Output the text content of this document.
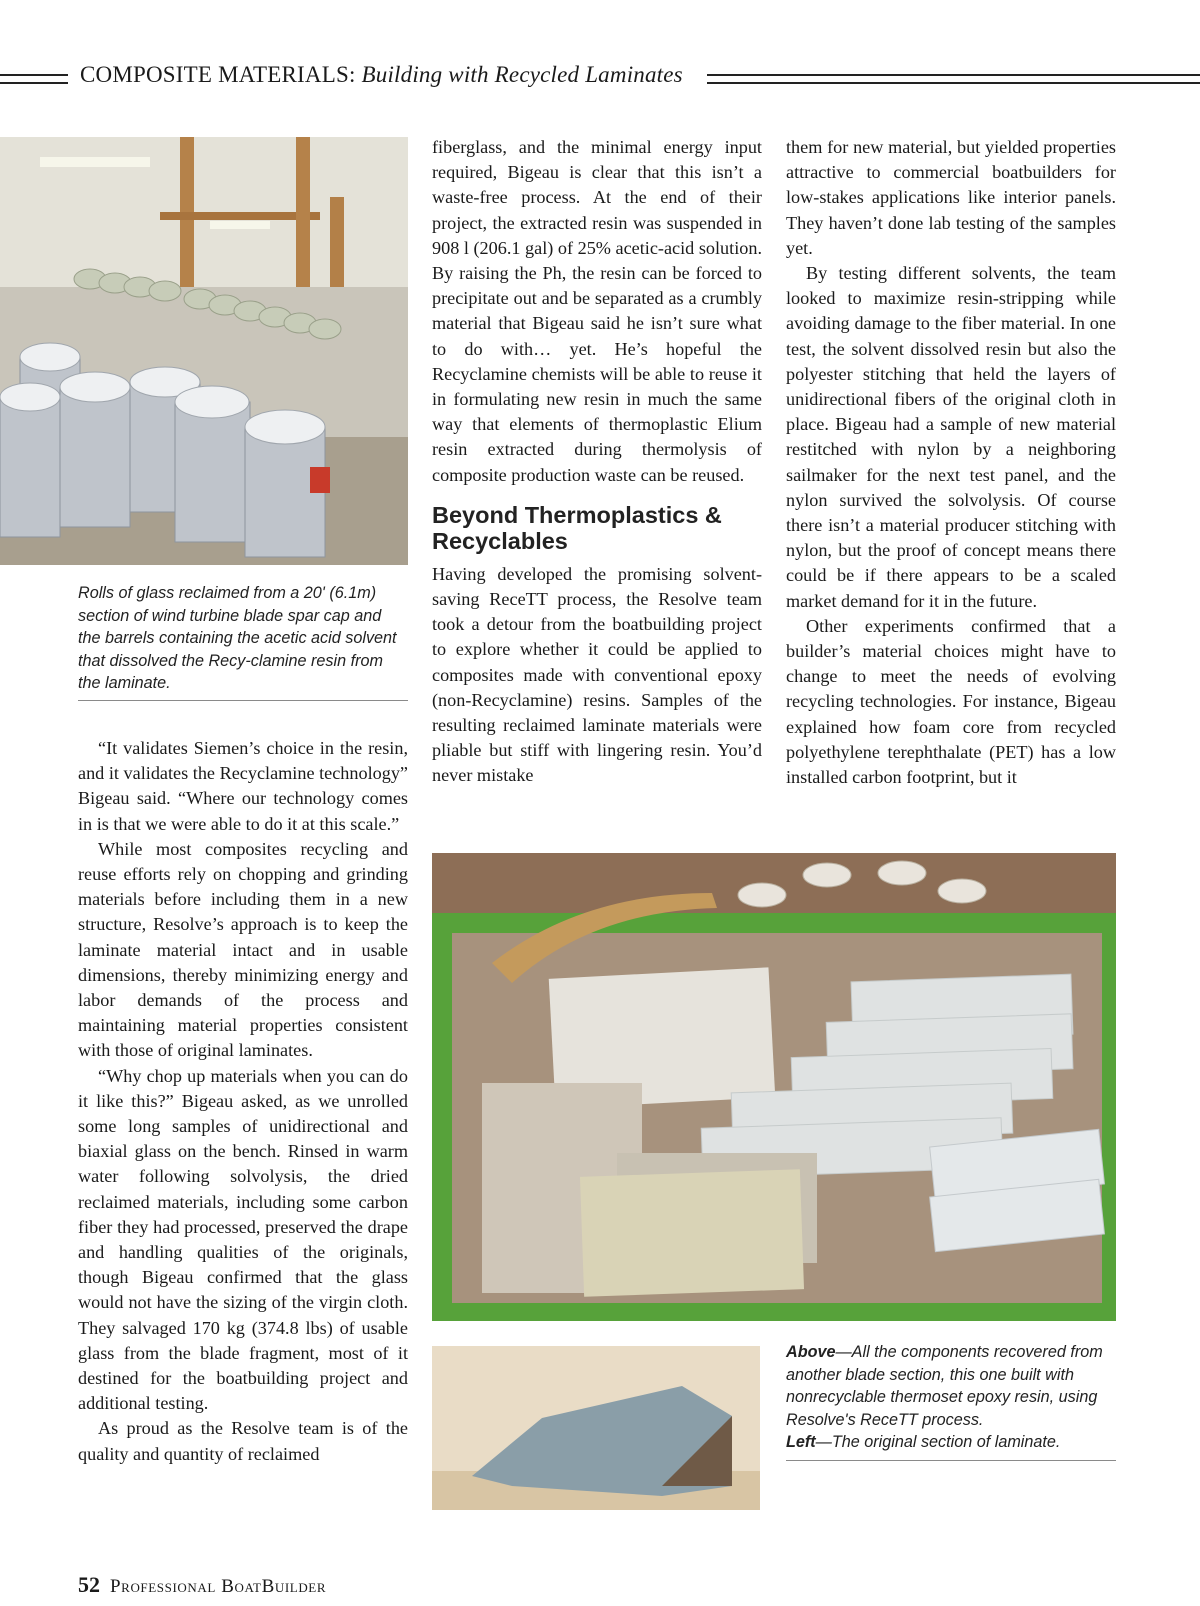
COMPOSITE MATERIALS: Building with Recycled Laminates
Rolls of glass reclaimed from a 20' (6.1m) section of wind turbine blade spar cap and the barrels containing the acetic acid solvent that dissolved the Recy-clamine resin from the laminate.

“It validates Siemen’s choice in the resin, and it validates the Recyclamine technology” Bigeau said. “Where our technology comes in is that we were able to do it at this scale.”

While most composites recycling and reuse efforts rely on chopping and grinding materials before including them in a new structure, Resolve’s approach is to keep the laminate material intact and in usable dimensions, thereby minimizing energy and labor demands of the process and maintaining material properties consistent with those of original laminates.

“Why chop up materials when you can do it like this?” Bigeau asked, as we unrolled some long samples of unidirectional and biaxial glass on the bench. Rinsed in warm water following solvolysis, the dried reclaimed materials, including some carbon fiber they had processed, preserved the drape and handling qualities of the originals, though Bigeau confirmed that the glass would not have the sizing of the virgin cloth. They salvaged 170 kg (374.8 lbs) of usable glass from the blade fragment, most of it destined for the boatbuilding project and additional testing.

As proud as the Resolve team is of the quality and quantity of reclaimed

fiberglass, and the minimal energy input required, Bigeau is clear that this isn’t a waste-free process. At the end of their project, the extracted resin was suspended in 908 l (206.1 gal) of 25% acetic-acid solution. By raising the Ph, the resin can be forced to precipitate out and be separated as a crumbly material that Bigeau said he isn’t sure what to do with… yet. He’s hopeful the Recyclamine chemists will be able to reuse it in formulating new resin in much the same way that elements of thermoplastic Elium resin extracted during thermolysis of composite production waste can be reused.

Beyond Thermoplastics & Recyclables

Having developed the promising solvent-saving ReceTT process, the Resolve team took a detour from the boatbuilding project to explore whether it could be applied to composites made with conventional epoxy (non-Recyclamine) resins. Samples of the resulting reclaimed laminate materials were pliable but stiff with lingering resin. You’d never mistake

them for new material, but yielded properties attractive to commercial boatbuilders for low-stakes applications like interior panels. They haven’t done lab testing of the samples yet.

By testing different solvents, the team looked to maximize resin-stripping while avoiding damage to the fiber material. In one test, the solvent dissolved resin but also the polyester stitching that held the layers of unidirectional fibers of the original cloth in place. Bigeau had a sample of new material restitched with nylon by a neighboring sailmaker for the next test panel, and the nylon survived the solvolysis. Of course there isn’t a material producer stitching with nylon, but the proof of concept means there could be if there appears to be a scaled market demand for it in the future.

Other experiments confirmed that a builder’s material choices might have to change to meet the needs of evolving recycling technologies. For instance, Bigeau explained how foam core from recycled polyethylene terephthalate (PET) has a low installed carbon footprint, but it

Above—All the components recovered from another blade section, this one built with nonrecyclable thermoset epoxy resin, using Resolve's ReceTT process.
Left—The original section of laminate.
52 Professional BoatBuilder
